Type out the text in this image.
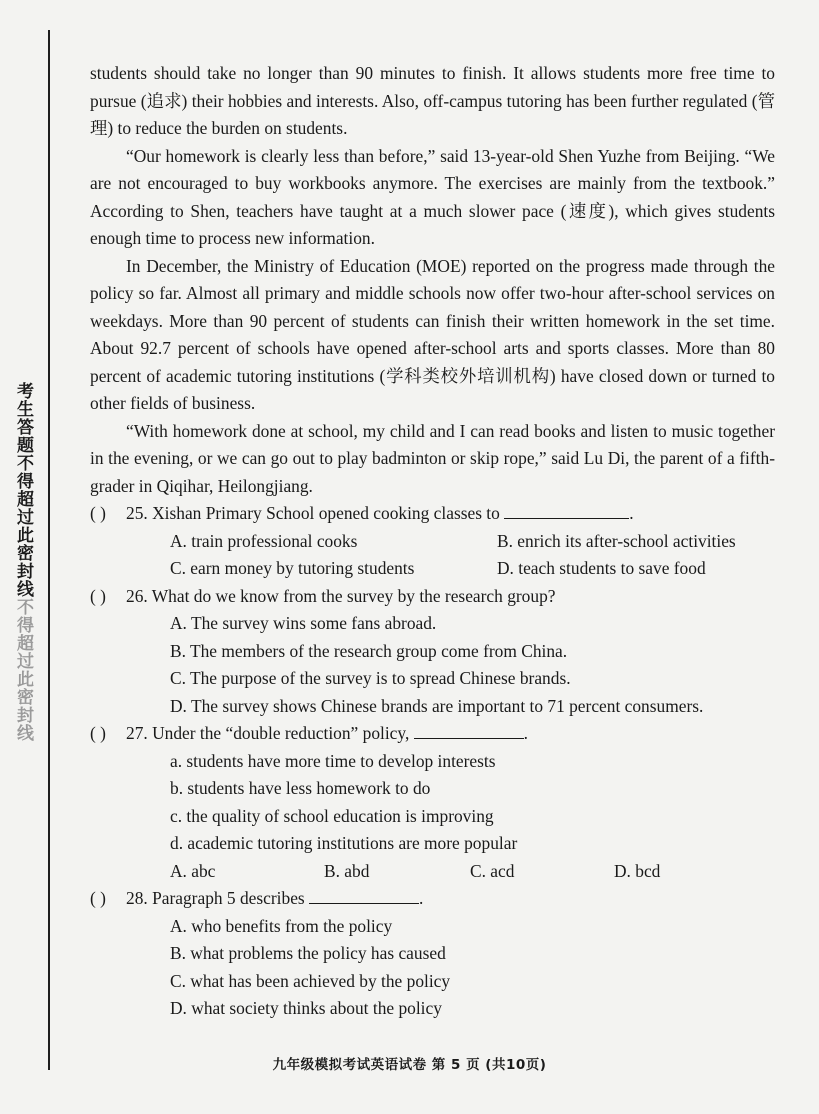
考生答题不得超过此密封线不得超过此密封线

students should take no longer than 90 minutes to finish. It allows students more free time to pursue (追求) their hobbies and interests. Also, off-campus tutoring has been further regulated (管理) to reduce the burden on students.

“Our homework is clearly less than before,” said 13-year-old Shen Yuzhe from Beijing. “We are not encouraged to buy workbooks anymore. The exercises are mainly from the textbook.” According to Shen, teachers have taught at a much slower pace (速度), which gives students enough time to process new information.

In December, the Ministry of Education (MOE) reported on the progress made through the policy so far. Almost all primary and middle schools now offer two-hour after-school services on weekdays. More than 90 percent of students can finish their written homework in the set time. About 92.7 percent of schools have opened after-school arts and sports classes. More than 80 percent of academic tutoring institutions (学科类校外培训机构) have closed down or turned to other fields of business.

“With homework done at school, my child and I can read books and listen to music together in the evening, or we can go out to play badminton or skip rope,” said Lu Di, the parent of a fifth-grader in Qiqihar, Heilongjiang.

( ) 25. Xishan Primary School opened cooking classes to	.
A. train professional cooks	B. enrich its after-school activities
C. earn money by tutoring students	D. teach students to save food
( ) 26. What do we know from the survey by the research group?
A. The survey wins some fans abroad.
B. The members of the research group come from China.
C. The purpose of the survey is to spread Chinese brands.
D. The survey shows Chinese brands are important to 71 percent consumers.
( ) 27. Under the “double reduction” policy,	.
a. students have more time to develop interests
b. students have less homework to do
c. the quality of school education is improving
d. academic tutoring institutions are more popular
A. abc	B. abd	C. acd	D. bcd
( ) 28. Paragraph 5 describes	.
A. who benefits from the policy
B. what problems the policy has caused
C. what has been achieved by the policy
D. what society thinks about the policy
九年级模拟考试英语试卷 第 5 页 (共10页)
